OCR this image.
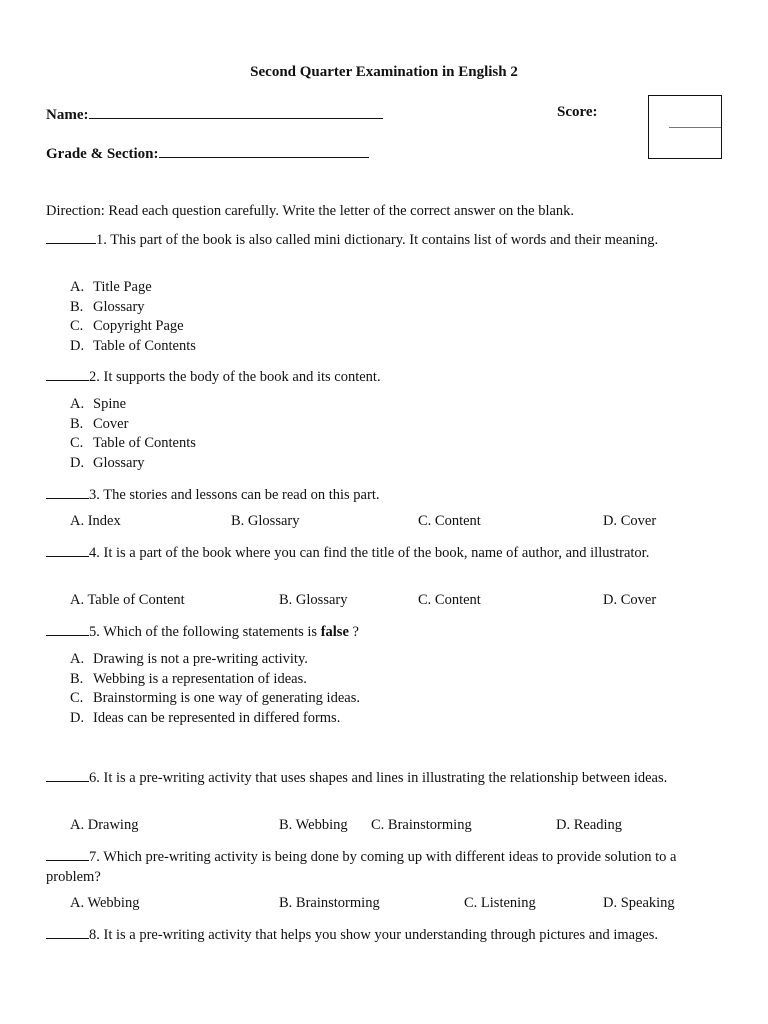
Second Quarter Examination in English 2
Name:	Score:
Grade & Section:
Direction: Read each question carefully. Write the letter of the correct answer on the blank.
1. This part of the book is also called mini dictionary. It contains list of words and their meaning.
A. Title Page
B. Glossary
C. Copyright Page
D. Table of Contents
2. It supports the body of the book and its content.
A. Spine
B. Cover
C. Table of Contents
D. Glossary
3. The stories and lessons can be read on this part.
A. Index	B. Glossary	C. Content	D. Cover
4. It is a part of the book where you can find the title of the book, name of author, and illustrator.
A. Table of Content	B. Glossary	C. Content	D. Cover
5. Which of the following statements is false ?
A. Drawing is not a pre-writing activity.
B. Webbing is a representation of ideas.
C. Brainstorming is one way of generating ideas.
D. Ideas can be represented in differed forms.
6. It is a pre-writing activity that uses shapes and lines in illustrating the relationship between ideas.
A. Drawing	B. Webbing C. Brainstorming	D. Reading
7. Which pre-writing activity is being done by coming up with different ideas to provide solution to a problem?
A. Webbing	B. Brainstorming	C. Listening	D. Speaking
8. It is a pre-writing activity that helps you show your understanding through pictures and images.
